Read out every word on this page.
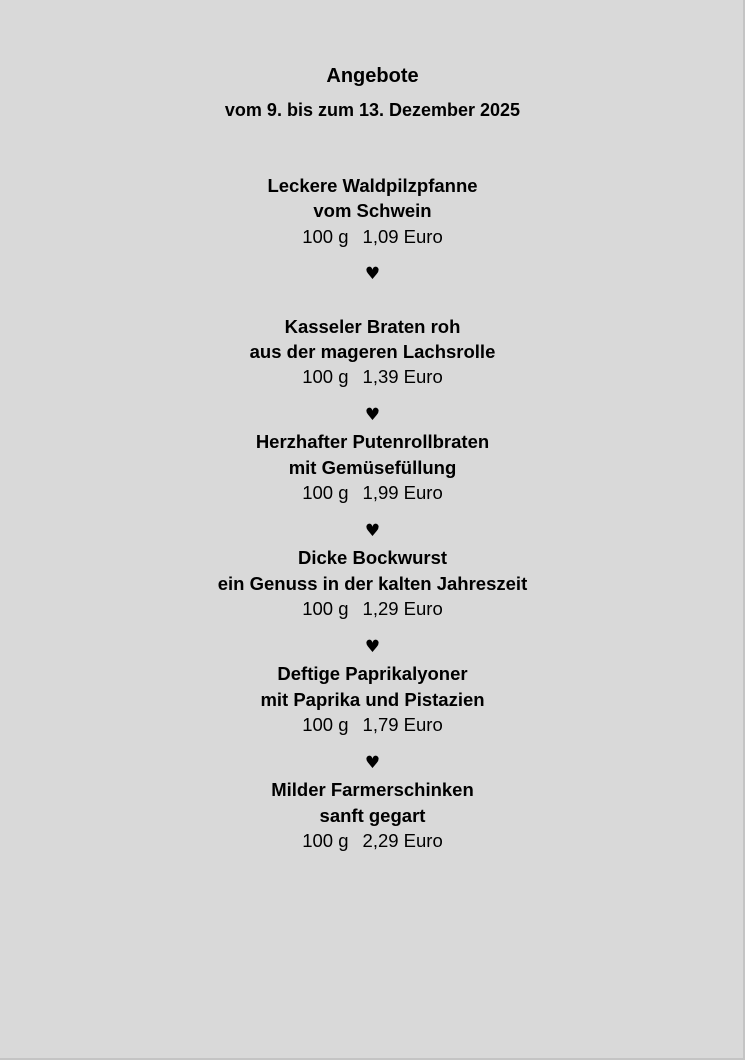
Angebote
vom 9. bis zum 13. Dezember 2025
Leckere Waldpilzpfanne
vom Schwein
100 g 1,09 Euro
♥
Kasseler Braten roh
aus der mageren Lachsrolle
100 g 1,39 Euro
♥
Herzhafter Putenrollbraten
mit Gemüsefüllung
100 g 1,99 Euro
♥
Dicke Bockwurst
ein Genuss in der kalten Jahreszeit
100 g 1,29 Euro
♥
Deftige Paprikalyoner
mit Paprika und Pistazien
100 g 1,79 Euro
♥
Milder Farmerschinken
sanft gegart
100 g 2,29 Euro
